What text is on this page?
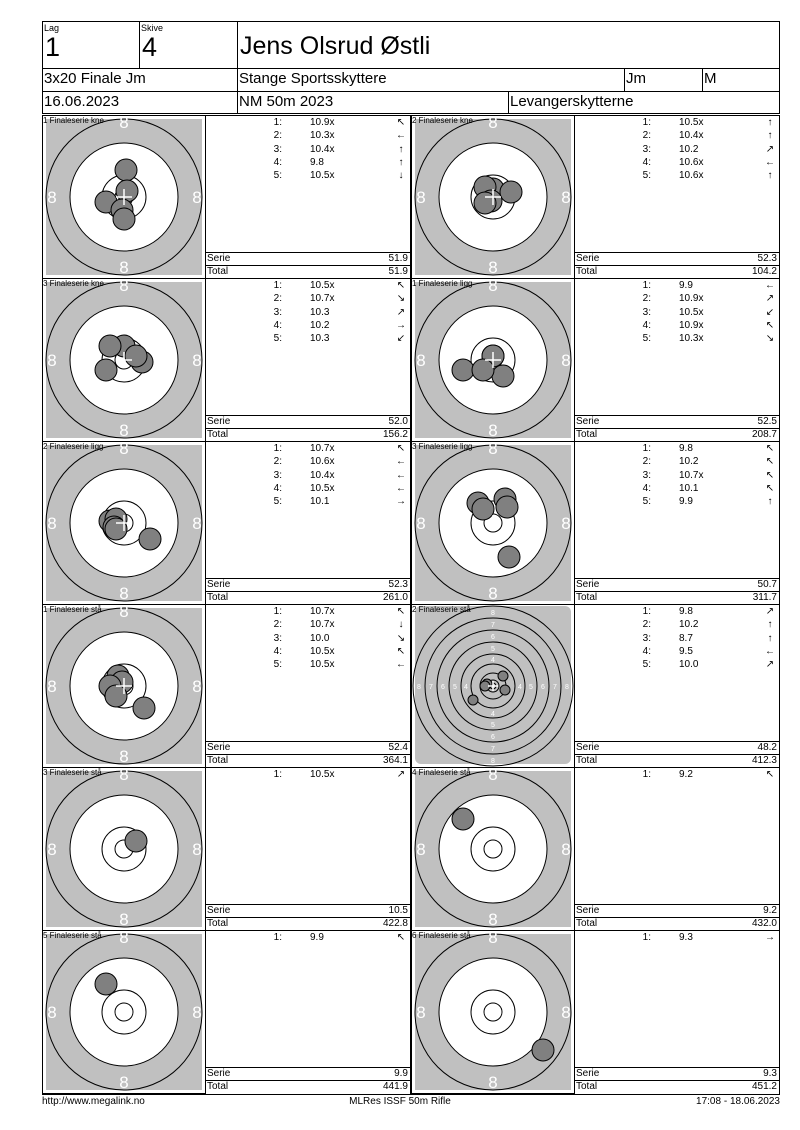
Lag
1
Skive
4	Jens Olsrud Østli
3x20 Finale Jm	Stange Sportsskyttere	Jm	M
16.06.2023	NM 50m 2023	Levangerskytterne
1 Finaleserie kne 8
8
8	8
1:	10.9x	↖
2:	10.3x	←
3:	10.4x	↑
4:	9.8	↑
5:	10.5x	↓
Serie	51.9
Total	51.9
2 Finaleserie kne 8
8
8	8
1:	10.5x	↑
2:	10.4x	↑
3:	10.2	↗
4:	10.6x	←
5:	10.6x	↑
Serie	52.3
Total	104.2
3 Finaleserie kne 8
8
8	8
1:	10.5x	↖
2:	10.7x	↘
3:	10.3	↗
4:	10.2	→
5:	10.3	↙
Serie	52.0
Total	156.2
1 Finaleserie ligg 8
8
8	8
1:	9.9	←
2:	10.9x	↗
3:	10.5x	↙
4:	10.9x	↖
5:	10.3x	↘
Serie	52.5
Total	208.7
2 Finaleserie ligg 8
8
8	8
1:	10.7x	↖
2:	10.6x	←
3:	10.4x	←
4:	10.5x	←
5:	10.1	→
Serie	52.3
Total	261.0
3 Finaleserie ligg 8
8
8	8
1:	9.8	↖
2:	10.2	↖
3:	10.7x	↖
4:	10.1	↖
5:	9.9	↑
Serie	50.7
Total	311.7
1 Finaleserie stå 8
8
8	8
1:	10.7x	↖
2:	10.7x	↓
3:	10.0	↘
4:	10.5x	↖
5:	10.5x	←
Serie	52.4
Total	364.1
2 Finaleserie stå	8
8
8	8
7
7
7	7
6
6
6	6
5
5
5	5
4
4
4	4
1:	9.8	↗
2:	10.2	↑
3:	8.7	↑
4:	9.5	←
5:	10.0	↗
Serie	48.2
Total	412.3
3 Finaleserie stå 8
8
8	8
1:	10.5x	↗
Serie	10.5
Total	422.8
4 Finaleserie stå 8
8
8	8
1:	9.2	↖
Serie	9.2
Total	432.0
5 Finaleserie stå 8
8
8	8
1:	9.9	↖
Serie	9.9
Total	441.9
6 Finaleserie stå 8
8
8	8
1:	9.3	→
Serie	9.3
Total	451.2
http://www.megalink.no	MLRes ISSF 50m Rifle	17:08 - 18.06.2023
